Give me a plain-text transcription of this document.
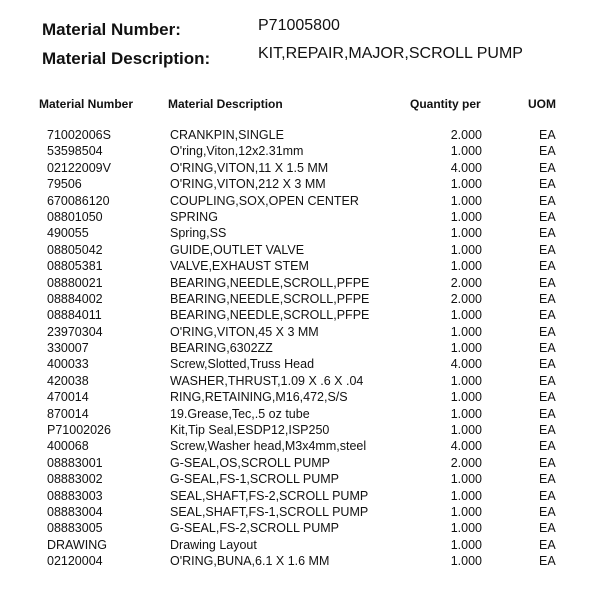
Material Number:	P71005800
Material Description:	KIT,REPAIR,MAJOR,SCROLL PUMP
Material Number	Material Description	Quantity per	UOM
71002006S	CRANKPIN,SINGLE	2.000	EA
53598504	O'ring,Viton,12x2.31mm	1.000	EA
02122009V	O'RING,VITON,11 X 1.5 MM	4.000	EA
79506	O'RING,VITON,212 X 3 MM	1.000	EA
670086120	COUPLING,SOX,OPEN CENTER	1.000	EA
08801050	SPRING	1.000	EA
490055	Spring,SS	1.000	EA
08805042	GUIDE,OUTLET VALVE	1.000	EA
08805381	VALVE,EXHAUST STEM	1.000	EA
08880021	BEARING,NEEDLE,SCROLL,PFPE	2.000	EA
08884002	BEARING,NEEDLE,SCROLL,PFPE	2.000	EA
08884011	BEARING,NEEDLE,SCROLL,PFPE	1.000	EA
23970304	O'RING,VITON,45 X 3 MM	1.000	EA
330007	BEARING,6302ZZ	1.000	EA
400033	Screw,Slotted,Truss Head	4.000	EA
420038	WASHER,THRUST,1.09 X .6 X .04	1.000	EA
470014	RING,RETAINING,M16,472,S/S	1.000	EA
870014	19.Grease,Tec,.5 oz tube	1.000	EA
P71002026	Kit,Tip Seal,ESDP12,ISP250	1.000	EA
400068	Screw,Washer head,M3x4mm,steel	4.000	EA
08883001	G-SEAL,OS,SCROLL PUMP	2.000	EA
08883002	G-SEAL,FS-1,SCROLL PUMP	1.000	EA
08883003	SEAL,SHAFT,FS-2,SCROLL PUMP	1.000	EA
08883004	SEAL,SHAFT,FS-1,SCROLL PUMP	1.000	EA
08883005	G-SEAL,FS-2,SCROLL PUMP	1.000	EA
DRAWING	Drawing Layout	1.000	EA
02120004	O'RING,BUNA,6.1 X 1.6 MM	1.000	EA
